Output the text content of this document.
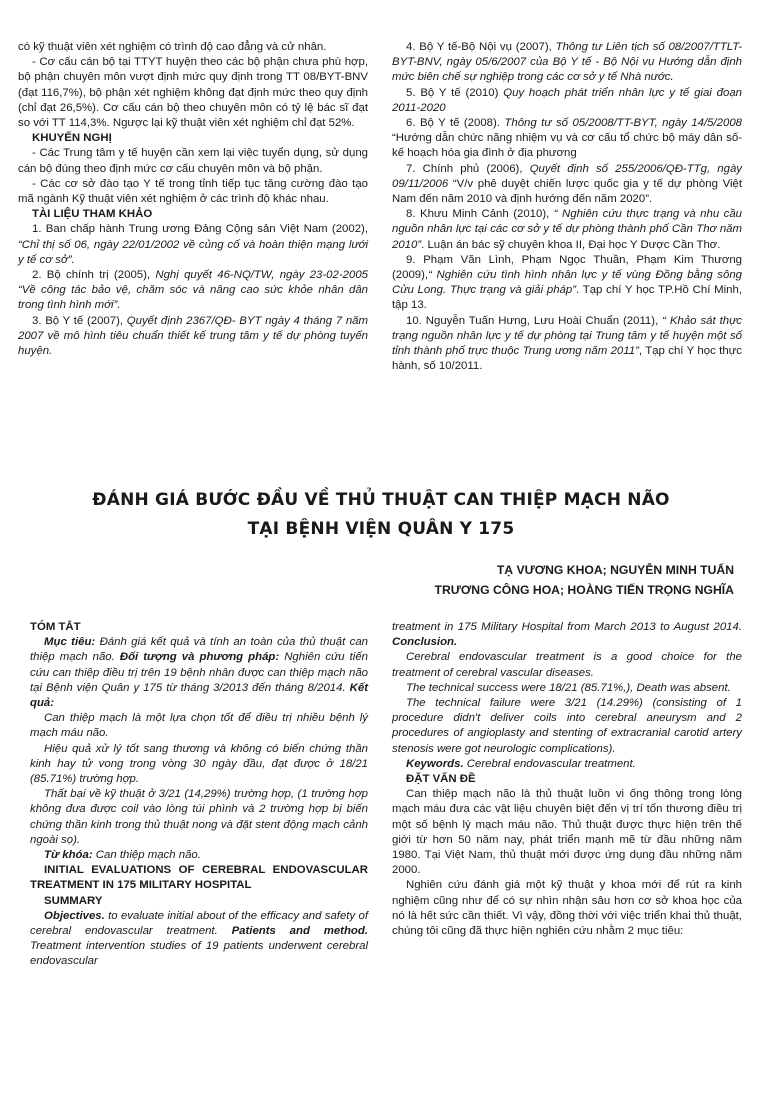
có kỹ thuật viên xét nghiệm có trình độ cao đẳng và cử nhân.

- Cơ cấu cán bộ tại TTYT huyện theo các bộ phận chưa phù hợp, bộ phận chuyên môn vượt định mức quy định trong TT 08/BYT-BNV (đạt 116,7%), bộ phận xét nghiệm không đạt định mức theo quy định (chỉ đạt 26,5%). Cơ cấu cán bộ theo chuyên môn có tỷ lệ bác sĩ đạt so với TT 114,3%. Ngược lại kỹ thuật viên xét nghiệm chỉ đạt 52%.

KHUYẾN NGHỊ

- Các Trung tâm y tế huyện cần xem lại việc tuyển dụng, sử dụng cán bộ đúng theo định mức cơ cấu chuyên môn và bộ phận.

- Các cơ sở đào tạo Y tế trong tỉnh tiếp tục tăng cường đào tạo mã ngành Kỹ thuật viên xét nghiệm ở các trình độ khác nhau.

TÀI LIỆU THAM KHẢO

1. Ban chấp hành Trung ương Đảng Cộng sản Việt Nam (2002), “Chỉ thị số 06, ngày 22/01/2002 về củng cố và hoàn thiện mạng lưới y tế cơ sở”.

2. Bộ chính trị (2005), Nghị quyết 46-NQ/TW, ngày 23-02-2005 “Về công tác bảo vệ, chăm sóc và nâng cao sức khỏe nhân dân trong tình hình mới”.

3. Bộ Y tế (2007), Quyết định 2367/QĐ- BYT ngày 4 tháng 7 năm 2007 về mô hình tiêu chuẩn thiết kế trung tâm y tế dự phòng tuyến huyện.

4. Bộ Y tế-Bộ Nội vụ (2007), Thông tư Liên tịch số 08/2007/TTLT-BYT-BNV, ngày 05/6/2007 của Bộ Y tế - Bộ Nội vụ Hướng dẫn định mức biên chế sự nghiệp trong các cơ sở y tế Nhà nước.

5. Bộ Y tế (2010) Quy hoạch phát triển nhân lực y tế giai đoạn 2011-2020

6. Bộ Y tế (2008). Thông tư số 05/2008/TT-BYT, ngày 14/5/2008 “Hướng dẫn chức năng nhiệm vụ và cơ cấu tổ chức bộ máy dân số-kế hoạch hóa gia đình ở địa phương

7. Chính phủ (2006), Quyết định số 255/2006/QĐ-TTg, ngày 09/11/2006 “V/v phê duyệt chiến lược quốc gia y tế dự phòng Việt Nam đến năm 2010 và định hướng đến năm 2020”.

8. Khưu Minh Cảnh (2010), “ Nghiên cứu thực trạng và nhu cầu nguồn nhân lực tại các cơ sở y tế dự phòng thành phố Cần Thơ năm 2010”. Luận án bác sỹ chuyên khoa II, Đại học Y Dược Cần Thơ.

9. Phạm Văn Lình, Phạm Ngọc Thuần, Phạm Kim Thương (2009),“ Nghiên cứu tình hình nhân lực y tế vùng Đồng bằng sông Cửu Long. Thực trạng và giải pháp”. Tạp chí Y học TP.Hồ Chí Minh, tập 13.

10. Nguyễn Tuấn Hưng, Lưu Hoài Chuẩn (2011), “ Khảo sát thực trạng nguồn nhân lực y tế dự phòng tại Trung tâm y tế huyện một số tỉnh thành phố trực thuộc Trung ương năm 2011”, Tạp chí Y học thực hành, số 10/2011.

ĐÁNH GIÁ BƯỚC ĐẦU VỀ THỦ THUẬT CAN THIỆP MẠCH NÃO
TẠI BỆNH VIỆN QUÂN Y 175
TẠ VƯƠNG KHOA; NGUYỄN MINH TUẤN
TRƯƠNG CÔNG HOA; HOÀNG TIẾN TRỌNG NGHĨA

TÓM TẮT

Mục tiêu: Đánh giá kết quả và tính an toàn của thủ thuật can thiệp mạch não. Đối tượng và phương pháp: Nghiên cứu tiến cứu can thiệp điều trị trên 19 bệnh nhân được can thiệp mạch não tại Bệnh viện Quân y 175 từ tháng 3/2013 đến tháng 8/2014. Kết quả:

Can thiệp mạch là một lựa chọn tốt để điều trị nhiều bệnh lý mạch máu não.

Hiệu quả xử lý tốt sang thương và không có biến chứng thần kinh hay tử vong trong vòng 30 ngày đầu, đạt được ở 18/21 (85.71%) trường hợp.

Thất bại về kỹ thuật ở 3/21 (14,29%) trường hợp, (1 trường hợp không đưa được coil vào lòng túi phình và 2 trường hợp bị biến chứng thần kinh trong thủ thuật nong và đặt stent động mạch cảnh ngoài sọ).

Từ khóa: Can thiệp mạch não.

INITIAL EVALUATIONS OF CEREBRAL ENDOVASCULAR TREATMENT IN 175 MILITARY HOSPITAL

SUMMARY

Objectives. to evaluate initial about of the efficacy and safety of cerebral endovascular treatment. Patients and method. Treatment intervention studies of 19 patients underwent cerebral endovascular

treatment in 175 Military Hospital from March 2013 to August 2014. Conclusion.

Cerebral endovascular treatment is a good choice for the treatment of cerebral vascular diseases.

The technical success were 18/21 (85.71%,), Death was absent.

The technical failure were 3/21 (14.29%) (consisting of 1 procedure didn't deliver coils into cerebral aneurysm and 2 procedures of angioplasty and stenting of extracranial carotid artery stenosis were got neurologic complications).

Keywords. Cerebral endovascular treatment.

ĐẶT VẤN ĐỀ

Can thiệp mạch não là thủ thuật luồn vi ống thông trong lòng mạch máu đưa các vật liệu chuyên biệt đến vị trí tổn thương điều trị một số bệnh lý mạch máu não. Thủ thuật được thực hiện trên thế giới từ hơn 50 năm nay, phát triển mạnh mẽ từ đầu những năm 1980. Tại Việt Nam, thủ thuật mới được ứng dụng đầu những năm 2000.

Nghiên cứu đánh giá một kỹ thuật y khoa mới để rút ra kinh nghiệm cũng như để có sự nhìn nhận sâu hơn cơ sở khoa học của nó là hết sức cần thiết. Vì vậy, đồng thời với việc triển khai thủ thuật, chúng tôi cũng đã thực hiện nghiên cứu nhằm 2 mục tiêu:
